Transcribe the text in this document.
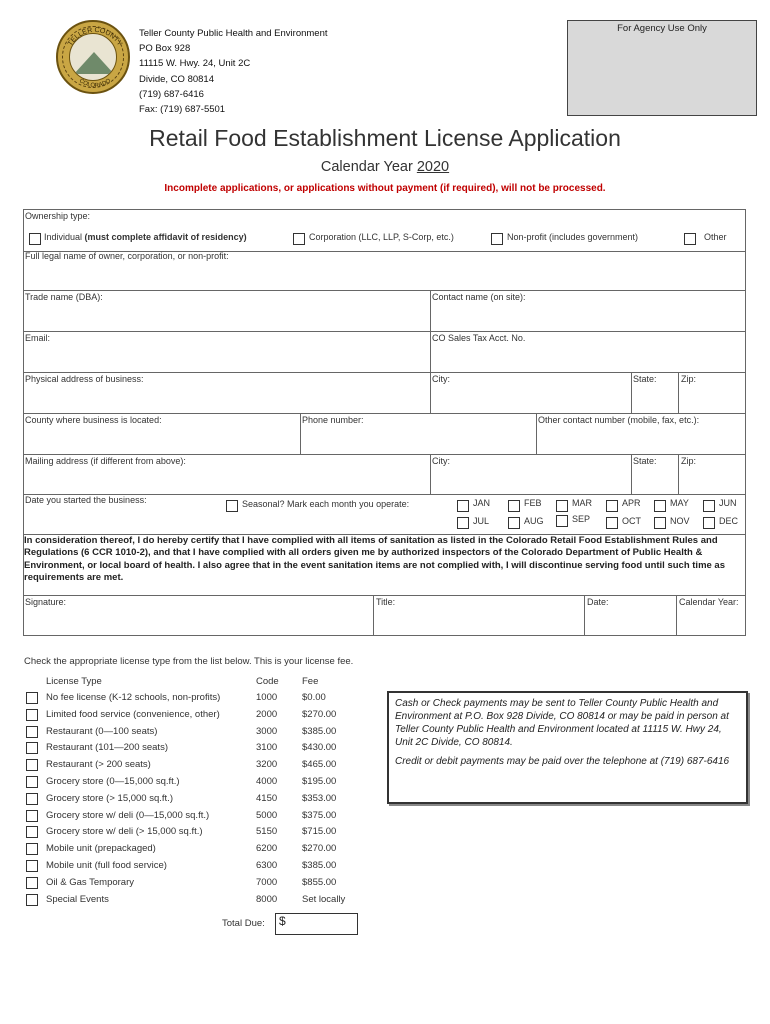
TELLER COUNTY
COLORADO
Teller County Public Health and Environment
PO Box 928
11115 W. Hwy. 24, Unit 2C
Divide, CO 80814
(719) 687-6416
Fax: (719) 687-5501
For Agency Use Only
Retail Food Establishment License Application
Calendar Year 2020
Incomplete applications, or applications without payment (if required), will not be processed.
Ownership type:
Individual (must complete affidavit of residency)	Corporation (LLC, LLP, S-Corp, etc.)	Non-profit (includes government)	Other
Full legal name of owner, corporation, or non-profit:
Trade name (DBA):	Contact name (on site):
Email:	CO Sales Tax Acct. No.
Physical address of business:	City:	State:	Zip:
County where business is located:	Phone number:	Other contact number (mobile, fax, etc.):
Mailing address (if different from above):	City:	State:	Zip:
Date you started the business:	Seasonal? Mark each month you operate:	JAN	FEB	MAR	APR	MAY	JUN
JUL	AUG	SEP	OCT	NOV	DEC
In consideration thereof, I do hereby certify that I have complied with all items of sanitation as listed in the Colorado Retail Food Establishment Rules and Regulations (6 CCR 1010-2), and that I have complied with all orders given me by authorized inspectors of the Colorado Department of Public Health & Environment, or local board of health. I also agree that in the event sanitation items are not complied with, I will discontinue serving food until such time as requirements are met.
Signature:	Title:	Date:	Calendar Year:
Check the appropriate license type from the list below. This is your license fee.
License Type	Code Fee
No fee license (K-12 schools, non-profits)	1000	$0.00
Limited food service (convenience, other)	2000	$270.00
Restaurant (0—100 seats)	3000	$385.00
Restaurant (101—200 seats)	3100	$430.00
Restaurant (> 200 seats)	3200	$465.00
Grocery store (0—15,000 sq.ft.)	4000	$195.00
Grocery store (> 15,000 sq.ft.)	4150	$353.00
Grocery store w/ deli (0—15,000 sq.ft.)	5000	$375.00
Grocery store w/ deli (> 15,000 sq.ft.)	5150	$715.00
Mobile unit (prepackaged)	6200	$270.00
Mobile unit (full food service)	6300	$385.00
Oil & Gas Temporary	7000	$855.00
Special Events	8000	Set locally
Total Due:	$

Cash or Check payments may be sent to Teller County Public Health and Environment at P.O. Box 928 Divide, CO 80814 or may be paid in person at Teller County Public Health and Environment located at 11115 W. Hwy 24, Unit 2C Divide, CO 80814.

Credit or debit payments may be paid over the telephone at (719) 687-6416
